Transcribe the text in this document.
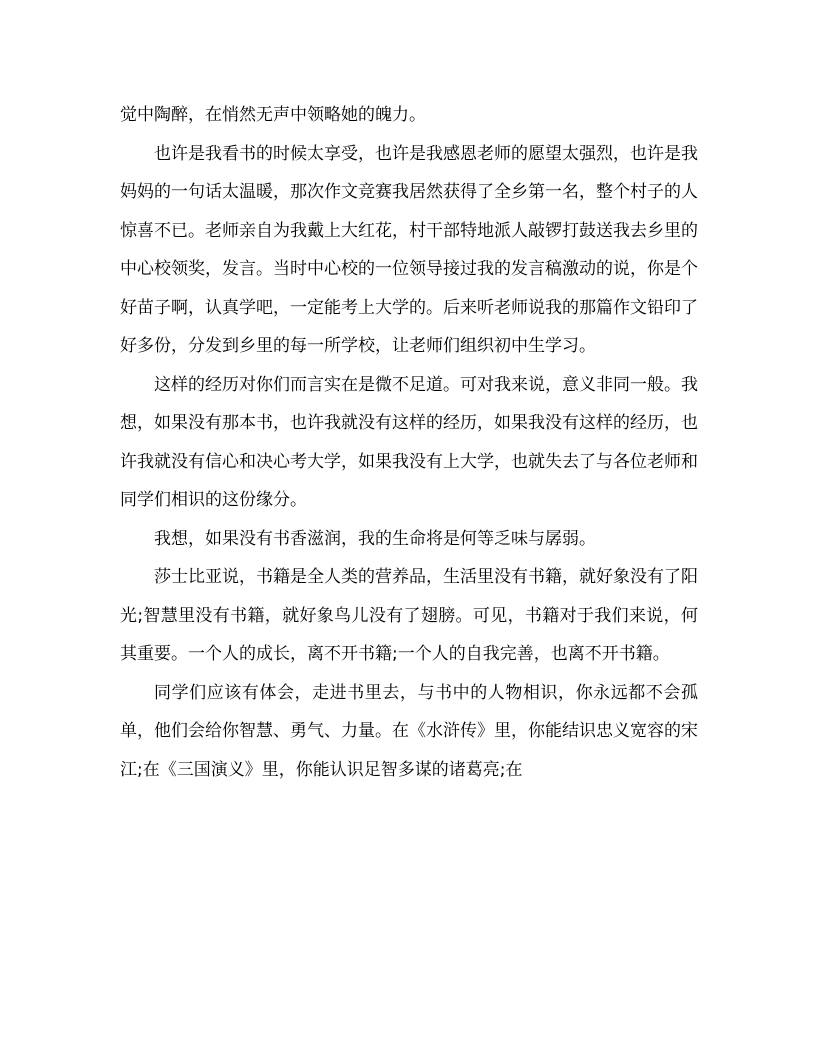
觉中陶醉，在悄然无声中领略她的魄力。

也许是我看书的时候太享受，也许是我感恩老师的愿望太强烈，也许是我妈妈的一句话太温暖，那次作文竞赛我居然获得了全乡第一名，整个村子的人惊喜不已。老师亲自为我戴上大红花，村干部特地派人敲锣打鼓送我去乡里的中心校领奖，发言。当时中心校的一位领导接过我的发言稿激动的说，你是个好苗子啊，认真学吧，一定能考上大学的。后来听老师说我的那篇作文铅印了好多份，分发到乡里的每一所学校，让老师们组织初中生学习。

这样的经历对你们而言实在是微不足道。可对我来说，意义非同一般。我想，如果没有那本书，也许我就没有这样的经历，如果我没有这样的经历，也许我就没有信心和决心考大学，如果我没有上大学，也就失去了与各位老师和同学们相识的这份缘分。

我想，如果没有书香滋润，我的生命将是何等乏味与孱弱。

莎士比亚说，书籍是全人类的营养品，生活里没有书籍，就好象没有了阳光;智慧里没有书籍，就好象鸟儿没有了翅膀。可见，书籍对于我们来说，何其重要。一个人的成长，离不开书籍;一个人的自我完善，也离不开书籍。

同学们应该有体会，走进书里去，与书中的人物相识，你永远都不会孤单，他们会给你智慧、勇气、力量。在《水浒传》里，你能结识忠义宽容的宋江;在《三国演义》里，你能认识足智多谋的诸葛亮;在
